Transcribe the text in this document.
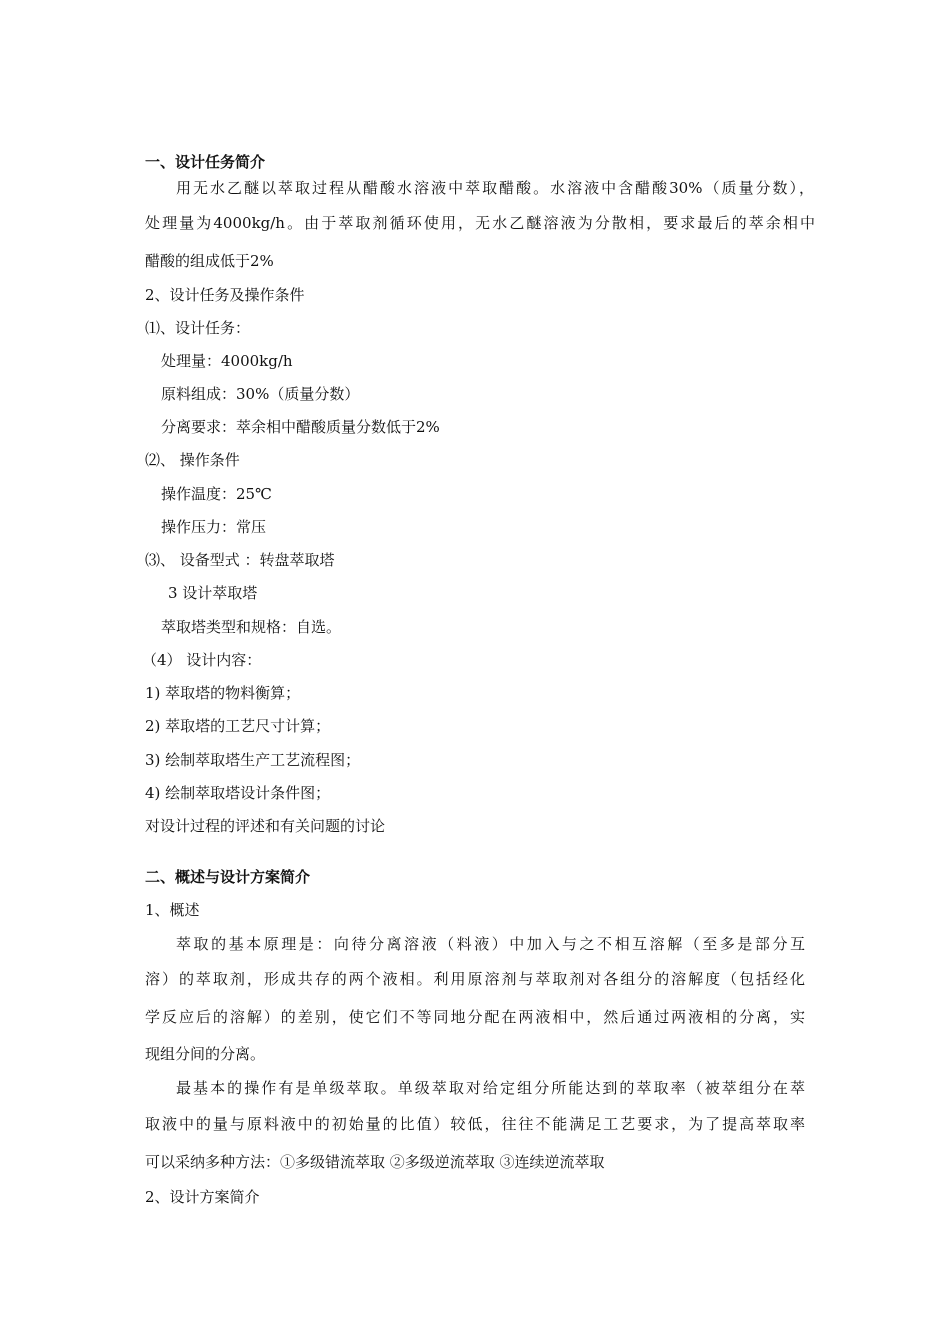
一、设计任务简介
用无水乙醚以萃取过程从醋酸水溶液中萃取醋酸。水溶液中含醋酸30%（质量分数），
处理量为4000kg/h。由于萃取剂循环使用，无水乙醚溶液为分散相，要求最后的萃余相中
醋酸的组成低于2%
2、设计任务及操作条件
⑴、设计任务：
处理量：4000kg/h
原料组成：30%（质量分数）
分离要求：萃余相中醋酸质量分数低于2%
⑵、 操作条件
操作温度：25℃
操作压力：常压
⑶、 设备型式 ：转盘萃取塔
3 设计萃取塔
萃取塔类型和规格：自选。
（4） 设计内容：
1) 萃取塔的物料衡算；
2) 萃取塔的工艺尺寸计算；
3) 绘制萃取塔生产工艺流程图；
4) 绘制萃取塔设计条件图；
对设计过程的评述和有关问题的讨论
二、概述与设计方案简介
1、概述
萃取的基本原理是：向待分离溶液（料液）中加入与之不相互溶解（至多是部分互
溶）的萃取剂，形成共存的两个液相。利用原溶剂与萃取剂对各组分的溶解度（包括经化
学反应后的溶解）的差别，使它们不等同地分配在两液相中，然后通过两液相的分离，实
现组分间的分离。
最基本的操作有是单级萃取。单级萃取对给定组分所能达到的萃取率（被萃组分在萃
取液中的量与原料液中的初始量的比值）较低，往往不能满足工艺要求，为了提高萃取率
可以采纳多种方法：①多级错流萃取 ②多级逆流萃取 ③连续逆流萃取
2、设计方案简介
